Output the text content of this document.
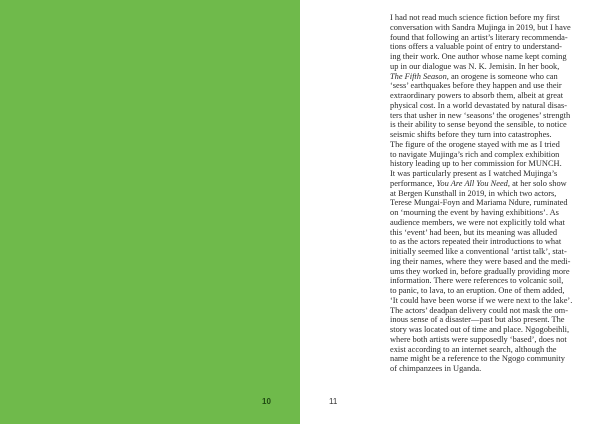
10	11
I had not read much science fiction before my first
conversation with Sandra Mujinga in 2019, but I have
found that following an artist’s literary recommenda-
tions offers a valuable point of entry to understand-
ing their work. One author whose name kept coming
up in our dialogue was N. K. Jemisin. In her book,
The Fifth Season, an orogene is someone who can
‘sess’ earthquakes before they happen and use their
extraordinary powers to absorb them, albeit at great
physical cost. In a world devastated by natural disas-
ters that usher in new ‘seasons’ the orogenes’ strength
is their ability to sense beyond the sensible, to notice
seismic shifts before they turn into catastrophes.
The figure of the orogene stayed with me as I tried
to navigate Mujinga’s rich and complex exhibition
history leading up to her commission for MUNCH.
It was particularly present as I watched Mujinga’s
performance, You Are All You Need, at her solo show
at Bergen Kunsthall in 2019, in which two actors,
Terese Mungai-Foyn and Mariama Ndure, ruminated
on ‘mourning the event by having exhibitions’. As
audience members, we were not explicitly told what
this ‘event’ had been, but its meaning was alluded
to as the actors repeated their introductions to what
initially seemed like a conventional ‘artist talk’, stat-
ing their names, where they were based and the medi-
ums they worked in, before gradually providing more
information. There were references to volcanic soil,
to panic, to lava, to an eruption. One of them added,
‘It could have been worse if we were next to the lake’.
The actors’ deadpan delivery could not mask the om-
inous sense of a disaster—past but also present. The
story was located out of time and place. Ngogobeihli,
where both artists were supposedly ‘based’, does not
exist according to an internet search, although the
name might be a reference to the Ngogo community
of chimpanzees in Uganda.
